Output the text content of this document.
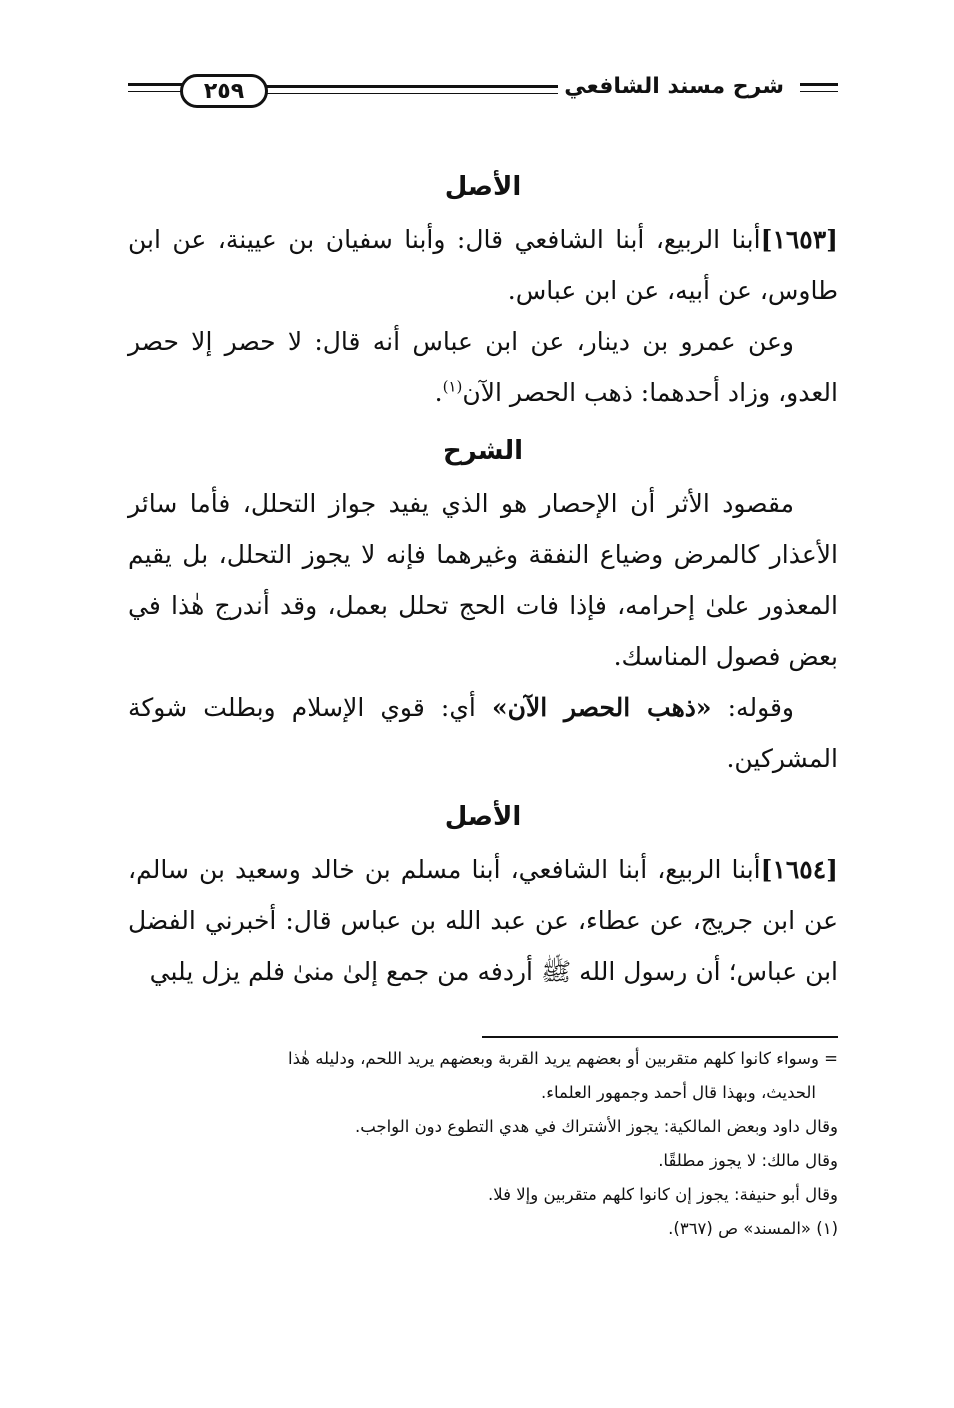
٢٥٩	شرح مسند الشافعي
الأصل

[١٦٥٣]أبنا الربيع، أبنا الشافعي قال: وأبنا سفيان بن عيينة، عن ابن طاوس، عن أبيه، عن ابن عباس.

وعن عمرو بن دينار، عن ابن عباس أنه قال: لا حصر إلا حصر العدو، وزاد أحدهما: ذهب الحصر الآن$^{(١)}$.

الشرح

مقصود الأثر أن الإحصار هو الذي يفيد جواز التحلل، فأما سائر الأعذار كالمرض وضياع النفقة وغيرهما فإنه لا يجوز التحلل، بل يقيم المعذور علىٰ إحرامه، فإذا فات الحج تحلل بعمل، وقد أندرج هٰذا في بعض فصول المناسك.

وقوله: «ذهب الحصر الآن» أي: قوي الإسلام وبطلت شوكة المشركين.

الأصل

[١٦٥٤]أبنا الربيع، أبنا الشافعي، أبنا مسلم بن خالد وسعيد بن سالم، عن ابن جريج، عن عطاء، عن عبد الله بن عباس قال: أخبرني الفضل ابن عباس؛ أن رسول الله ﷺ أردفه من جمع إلىٰ منىٰ فلم يزل يلبي

= وسواء كانوا كلهم متقربين أو بعضهم يريد القربة وبعضهم يريد اللحم، ودليله هٰذا

الحديث، وبهذا قال أحمد وجمهور العلماء.

وقال داود وبعض المالكية: يجوز الأشتراك في هدي التطوع دون الواجب.

وقال مالك: لا يجوز مطلقًا.

وقال أبو حنيفة: يجوز إن كانوا كلهم متقربين وإلا فلا.

(١) «المسند» ص (٣٦٧).
